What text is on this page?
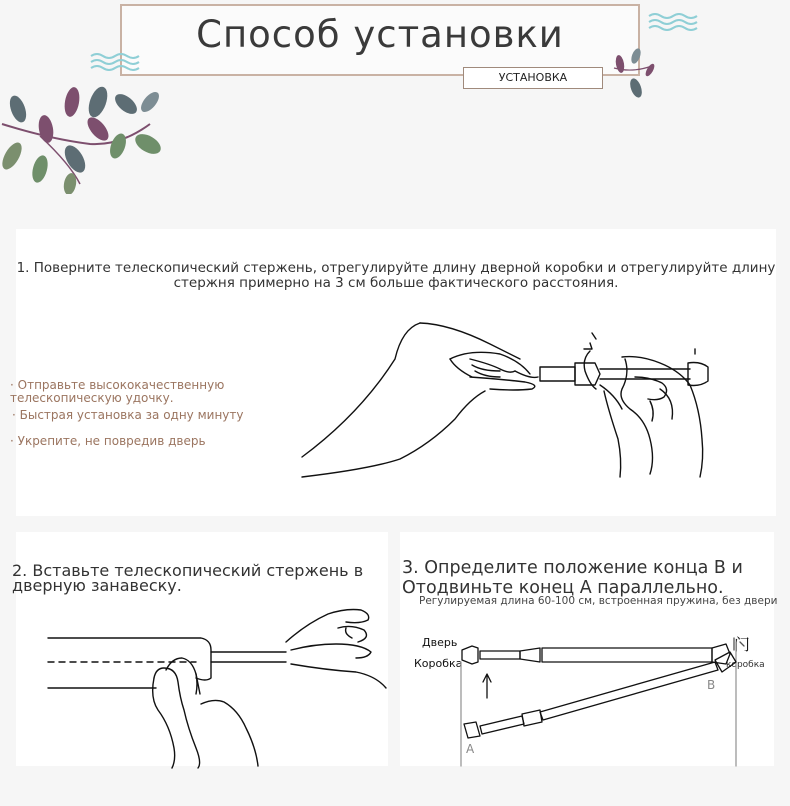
Способ установки
УСТАНОВКА
1. Поверните телескопический стержень, отрегулируйте длину дверной коробки и отрегулируйте длину стержня примерно на 3 см больше фактического расстояния.
· Отправьте высококачественную телескопическую удочку.
· Быстрая установка за одну минуту
· Укрепите, не повредив дверь
2. Вставьте телескопический стержень в дверную занавеску.
3. Определите положение конца B и Отодвиньте конец A параллельно.
Регулируемая длина 60-100 см, встроенная пружина, без двери
Дверь
Коробка
门
коробка
B
A
